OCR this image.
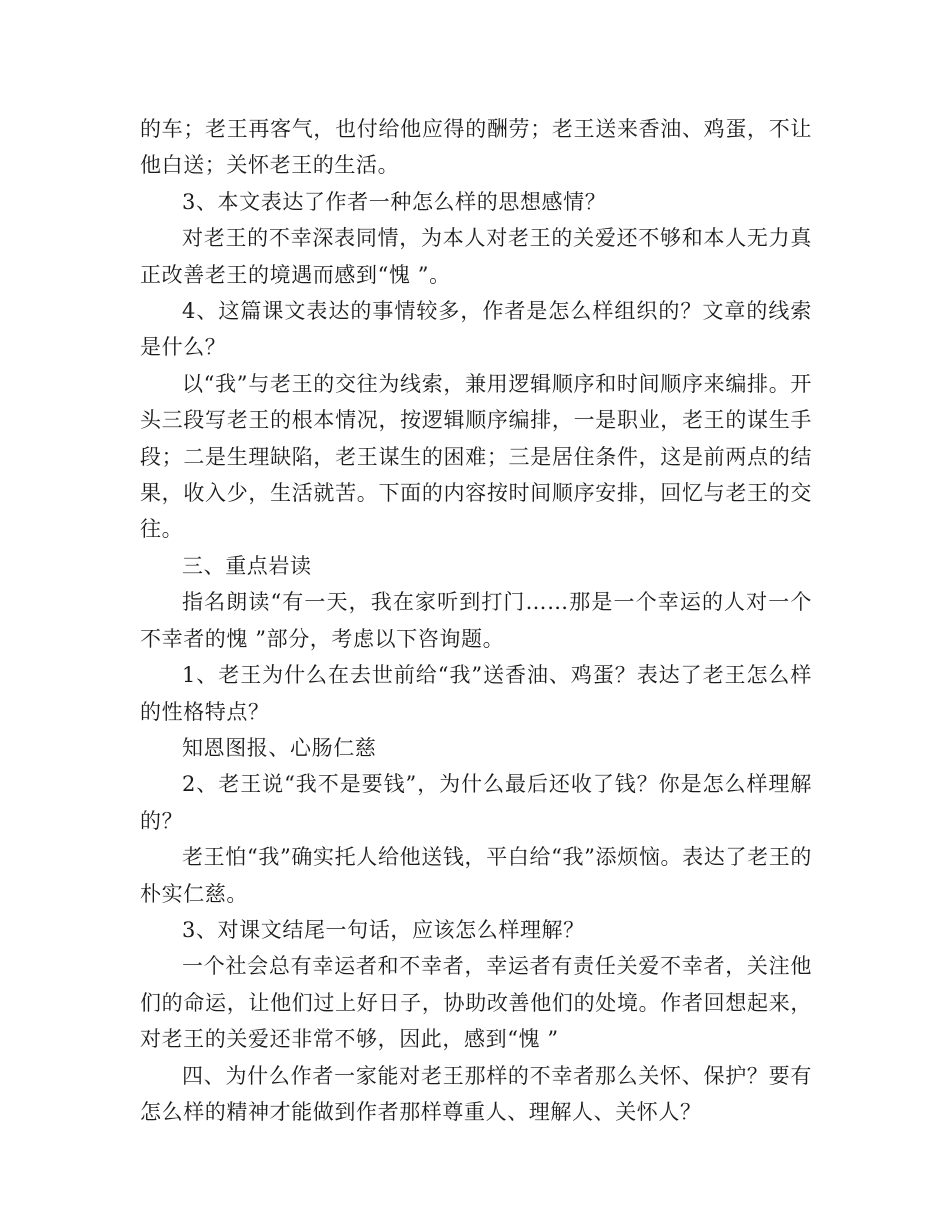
的车；老王再客气，也付给他应得的酬劳；老王送来香油、鸡蛋，不让他白送；关怀老王的生活。

3、本文表达了作者一种怎么样的思想感情？

对老王的不幸深表同情，为本人对老王的关爱还不够和本人无力真正改善老王的境遇而感到“愧 ”。

4、这篇课文表达的事情较多，作者是怎么样组织的？文章的线索是什么？

以“我”与老王的交往为线索，兼用逻辑顺序和时间顺序来编排。开头三段写老王的根本情况，按逻辑顺序编排，一是职业，老王的谋生手段；二是生理缺陷，老王谋生的困难；三是居住条件，这是前两点的结果，收入少，生活就苦。下面的内容按时间顺序安排，回忆与老王的交往。

三、重点岩读

指名朗读“有一天，我在家听到打门……那是一个幸运的人对一个不幸者的愧 ”部分，考虑以下咨询题。

1、老王为什么在去世前给“我”送香油、鸡蛋？表达了老王怎么样的性格特点？

知恩图报、心肠仁慈

2、老王说“我不是要钱”，为什么最后还收了钱？你是怎么样理解的？

老王怕“我”确实托人给他送钱，平白给“我”添烦恼。表达了老王的朴实仁慈。

3、对课文结尾一句话，应该怎么样理解？

一个社会总有幸运者和不幸者，幸运者有责任关爱不幸者，关注他们的命运，让他们过上好日子，协助改善他们的处境。作者回想起来，对老王的关爱还非常不够，因此，感到“愧 ”

四、为什么作者一家能对老王那样的不幸者那么关怀、保护？要有怎么样的精神才能做到作者那样尊重人、理解人、关怀人？
